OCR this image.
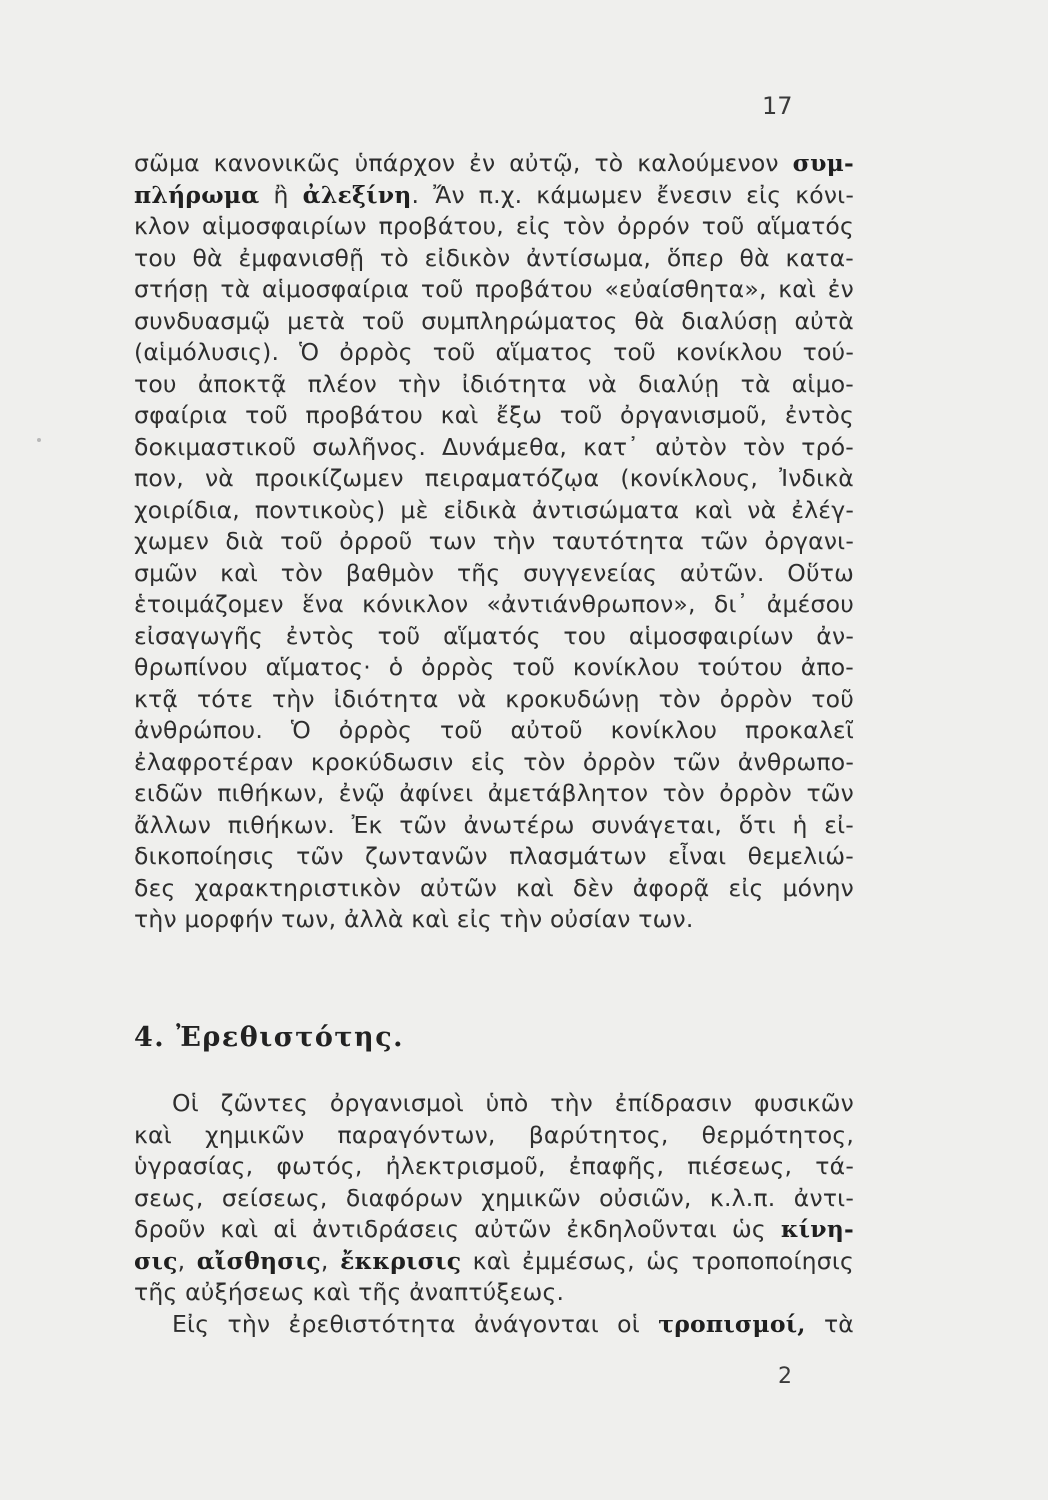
17
σῶμα κανονικῶς ὑπάρχον ἐν αὐτῷ, τὸ καλούμενον συμ-
πλήρωμα ἢ ἀλεξίνη. Ἄν π.χ. κάμωμεν ἔνεσιν εἰς κόνι-
κλον αἱμοσφαιρίων προβάτου, εἰς τὸν ὀρρόν τοῦ αἵματός
του θὰ ἐμφανισθῇ τὸ εἰδικὸν ἀντίσωμα, ὅπερ θὰ κατα-
στήσῃ τὰ αἱμοσφαίρια τοῦ προβάτου «εὐαίσθητα», καὶ ἐν
συνδυασμῷ μετὰ τοῦ συμπληρώματος θὰ διαλύσῃ αὐτὰ
(αἱμόλυσις). Ὁ ὀρρὸς τοῦ αἵματος τοῦ κονίκλου τού-
του ἀποκτᾷ πλέον τὴν ἰδιότητα νὰ διαλύῃ τὰ αἱμο-
σφαίρια τοῦ προβάτου καὶ ἔξω τοῦ ὀργανισμοῦ, ἐντὸς
δοκιμαστικοῦ σωλῆνος. Δυνάμεθα, κατ᾽ αὐτὸν τὸν τρό-
πον, νὰ προικίζωμεν πειραματόζῳα (κονίκλους, Ἰνδικὰ
χοιρίδια, ποντικοὺς) μὲ εἰδικὰ ἀντισώματα καὶ νὰ ἐλέγ-
χωμεν διὰ τοῦ ὀρροῦ των τὴν ταυτότητα τῶν ὀργανι-
σμῶν καὶ τὸν βαθμὸν τῆς συγγενείας αὐτῶν. Οὕτω
ἑτοιμάζομεν ἕνα κόνικλον «ἀντιάνθρωπον», δι᾽ ἀμέσου
εἰσαγωγῆς ἐντὸς τοῦ αἵματός του αἱμοσφαιρίων ἀν-
θρωπίνου αἵματος· ὁ ὀρρὸς τοῦ κονίκλου τούτου ἀπο-
κτᾷ τότε τὴν ἰδιότητα νὰ κροκυδώνῃ τὸν ὀρρὸν τοῦ
ἀνθρώπου. Ὁ ὀρρὸς τοῦ αὐτοῦ κονίκλου προκαλεῖ
ἐλαφροτέραν κροκύδωσιν εἰς τὸν ὀρρὸν τῶν ἀνθρωπο-
ειδῶν πιθήκων, ἐνῷ ἀφίνει ἀμετάβλητον τὸν ὀρρὸν τῶν
ἄλλων πιθήκων. Ἐκ τῶν ἀνωτέρω συνάγεται, ὅτι ἡ εἰ-
δικοποίησις τῶν ζωντανῶν πλασμάτων εἶναι θεμελιώ-
δες χαρακτηριστικὸν αὐτῶν καὶ δὲν ἀφορᾷ εἰς μόνην
τὴν μορφήν των, ἀλλὰ καὶ εἰς τὴν οὐσίαν των.
4. Ἐρεθιστότης.
Οἱ ζῶντες ὀργανισμοὶ ὑπὸ τὴν ἐπίδρασιν φυσικῶν
καὶ χημικῶν παραγόντων, βαρύτητος, θερμότητος,
ὑγρασίας, φωτός, ἠλεκτρισμοῦ, ἐπαφῆς, πιέσεως, τά-
σεως, σείσεως, διαφόρων χημικῶν οὐσιῶν, κ.λ.π. ἀντι-
δροῦν καὶ αἱ ἀντιδράσεις αὐτῶν ἐκδηλοῦνται ὡς κίνη-
σις, αἴσθησις, ἔκκρισις καὶ ἐμμέσως, ὡς τροποποίησις
τῆς αὐξήσεως καὶ τῆς ἀναπτύξεως.
Εἰς τὴν ἐρεθιστότητα ἀνάγονται οἱ τροπισμοί, τὰ
2
